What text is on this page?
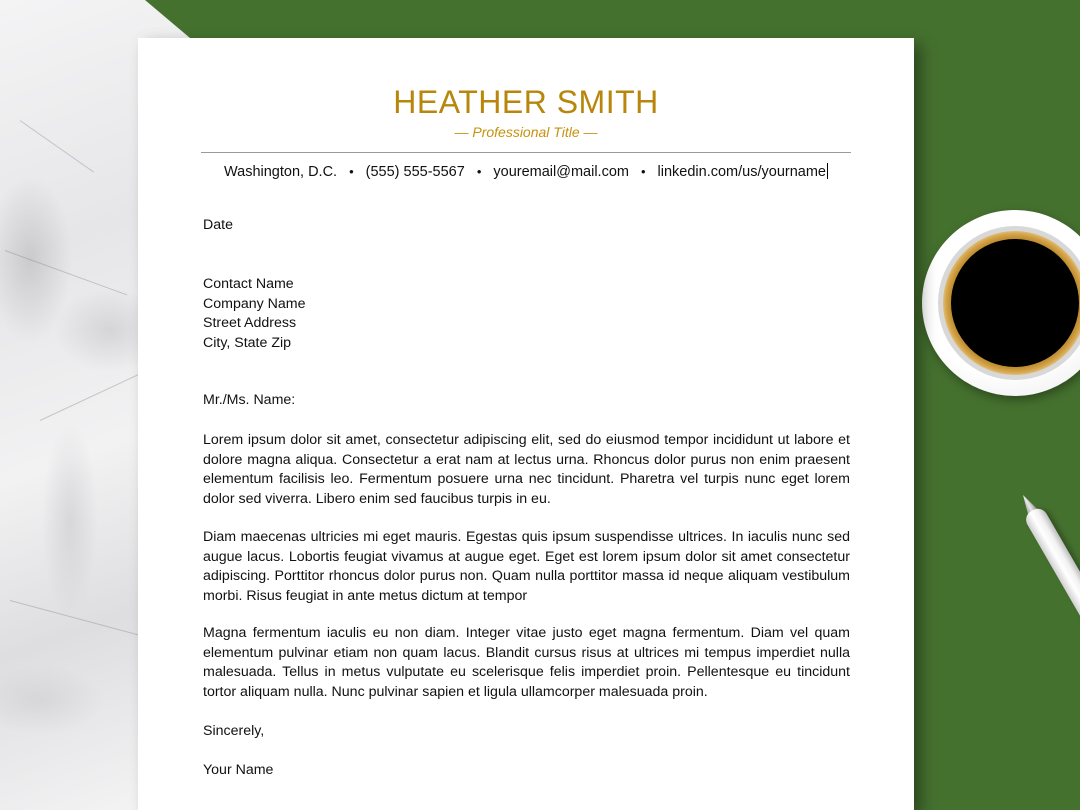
HEATHER SMITH
— Professional Title —
Washington, D.C. • (555) 555-5567 • youremail@mail.com • linkedin.com/us/yourname
Date
Contact Name
Company Name
Street Address
City, State Zip
Mr./Ms. Name:
Lorem ipsum dolor sit amet, consectetur adipiscing elit, sed do eiusmod tempor incididunt ut labore et dolore magna aliqua. Consectetur a erat nam at lectus urna. Rhoncus dolor purus non enim praesent elementum facilisis leo. Fermentum posuere urna nec tincidunt. Pharetra vel turpis nunc eget lorem dolor sed viverra. Libero enim sed faucibus turpis in eu.
Diam maecenas ultricies mi eget mauris. Egestas quis ipsum suspendisse ultrices. In iaculis nunc sed augue lacus. Lobortis feugiat vivamus at augue eget. Eget est lorem ipsum dolor sit amet consectetur adipiscing. Porttitor rhoncus dolor purus non. Quam nulla porttitor massa id neque aliquam vestibulum morbi. Risus feugiat in ante metus dictum at tempor
Magna fermentum iaculis eu non diam. Integer vitae justo eget magna fermentum. Diam vel quam elementum pulvinar etiam non quam lacus. Blandit cursus risus at ultrices mi tempus imperdiet nulla malesuada. Tellus in metus vulputate eu scelerisque felis imperdiet proin. Pellentesque eu tincidunt tortor aliquam nulla. Nunc pulvinar sapien et ligula ullamcorper malesuada proin.
Sincerely,
Your Name
